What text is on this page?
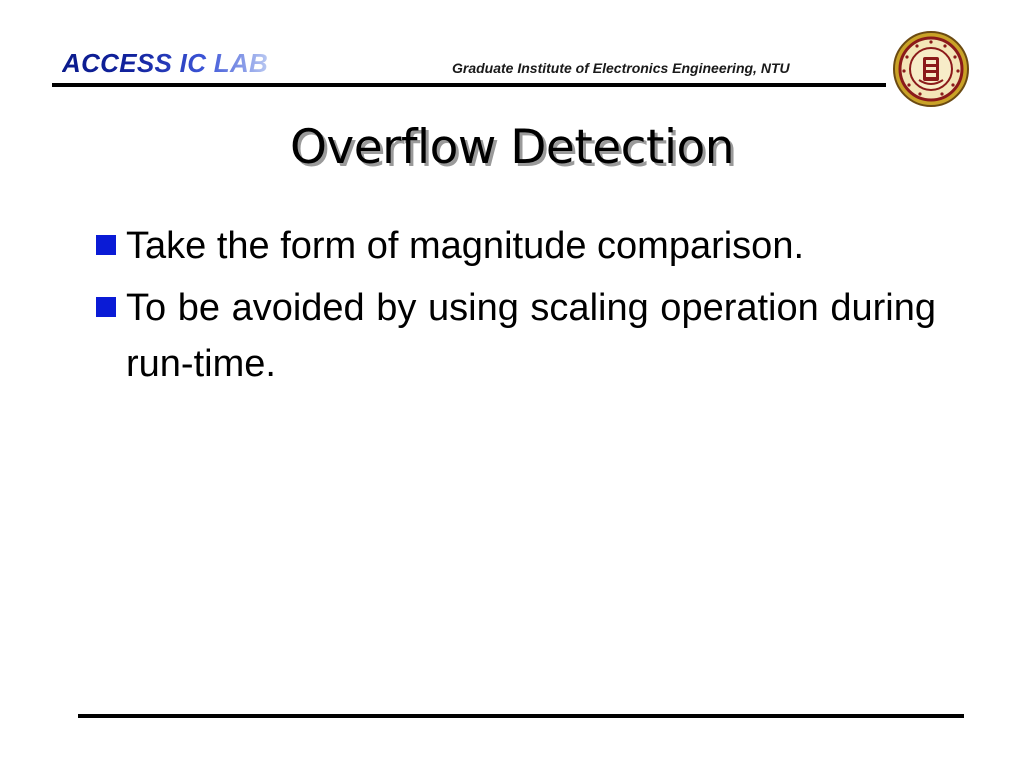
ACCESS IC LAB	Graduate Institute of Electronics Engineering, NTU
Overflow Detection
Take the form of magnitude comparison.
To be avoided by using scaling operation during run-time.
